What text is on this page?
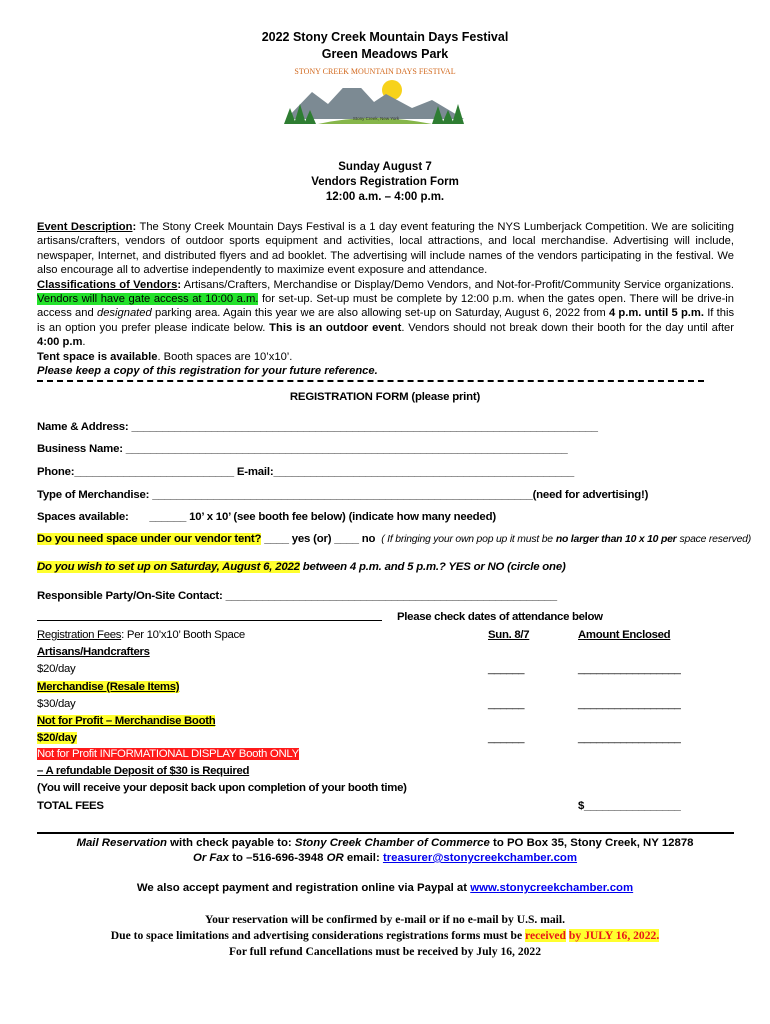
2022 Stony Creek Mountain Days Festival
Green Meadows Park
STONY CREEK MOUNTAIN DAYS FESTIVAL
Stony Creek, New York
Sunday August 7
Vendors Registration Form
12:00 a.m. – 4:00 p.m.

Event Description: The Stony Creek Mountain Days Festival is a 1 day event featuring the NYS Lumberjack Competition. We are soliciting artisans/crafters, vendors of outdoor sports equipment and activities, local attractions, and local merchandise. Advertising will include, newspaper, Internet, and distributed flyers and ad booklet. The advertising will include names of the vendors participating in the festival. We also encourage all to advertise independently to maximize event exposure and attendance.

Classifications of Vendors: Artisans/Crafters, Merchandise or Display/Demo Vendors, and Not-for-Profit/Community Service organizations. Vendors will have gate access at 10:00 a.m. for set-up. Set-up must be complete by 12:00 p.m. when the gates open. There will be drive-in access and designated parking area. Again this year we are also allowing set-up on Saturday, August 6, 2022 from 4 p.m. until 5 p.m. If this is an option you prefer please indicate below. This is an outdoor event. Vendors should not break down their booth for the day until after 4:00 p.m.

Tent space is available. Booth spaces are 10’x10’.

Please keep a copy of this registration for your future reference.

REGISTRATION FORM (please print)
Name & Address: ____________________________________________________________________________
Business Name: ________________________________________________________________________
Phone:__________________________ E-mail:_________________________________________________
Type of Merchandise: ______________________________________________________________(need for advertising!)
Spaces available: ______ 10’ x 10’ (see booth fee below) (indicate how many needed)
Do you need space under our vendor tent? ____ yes (or) ____ no ( If bringing your own pop up it must be no larger than 10 x 10 per space reserved)
Do you wish to set up on Saturday, August 6, 2022 between 4 p.m. and 5 p.m.? YES or NO (circle one)
Responsible Party/On-Site Contact: ______________________________________________________
Please check dates of attendance below
Registration Fees: Per 10’x10’ Booth Space	Sun. 8/7	Amount Enclosed
Artisans/Handcrafters
$20/day	______	_________________
Merchandise (Resale Items)
$30/day	______	_________________
Not for Profit – Merchandise Booth
$20/day	______	_________________
Not for Profit INFORMATIONAL DISPLAY Booth ONLY
– A refundable Deposit of $30 is Required
(You will receive your deposit back upon completion of your booth time)
TOTAL FEES	$________________
Mail Reservation with check payable to: Stony Creek Chamber of Commerce to PO Box 35, Stony Creek, NY 12878
Or Fax to –516-696-3948 OR email: treasurer@stonycreekchamber.com
We also accept payment and registration online via Paypal at www.stonycreekchamber.com
Your reservation will be confirmed by e-mail or if no e-mail by U.S. mail.
Due to space limitations and advertising considerations registrations forms must be received by JULY 16, 2022.
For full refund Cancellations must be received by July 16, 2022
